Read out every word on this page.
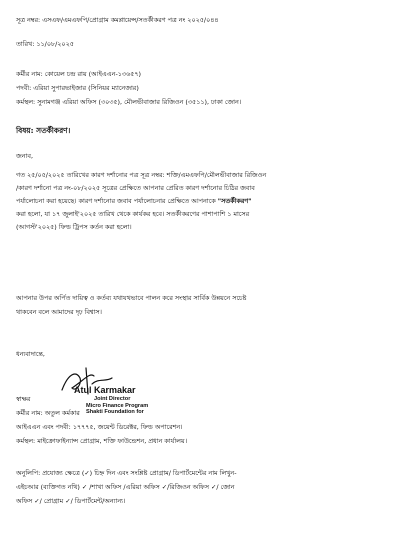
সূত্র নম্বর: এসএফ/এমএফপি/প্রোগ্রাম কমপ্লায়েন্স/সতর্কীকরণ পত্র নং ২০২৫/০৪৪
তারিখ: ১১/০৮/২০২৫
কর্মীর নাম: কোয়েল চন্দ্র রায় (আইএএন-১৩৬৫৭)
পদবী: এরিয়া সুপারভাইজার (সিনিয়র ম্যানেজার)
কর্মস্থল: সুনামগঞ্জ এরিয়া অফিস (৩০৩৫), মৌলভীবাজার রিজিওন (৩৫১১), ঢাকা জোন।
বিষয়: সতর্কীকরণ।
জনাব,
গত ২৫/০৫/২০২৫ তারিখের কারণ দর্শানোর পত্র সূত্র নম্বর: শক্তি/এমএফপি/মৌলভীবাজার রিজিওন
/কারণ দর্শানো পত্র নং-০৮/২০২৫ সূত্রের প্রেক্ষিতে আপনার প্রেরিত কারণ দর্শানোর চিঠির জবাব
পর্যালোচনা করা হয়েছে। কারণ দর্শানোর জবাব পর্যালোচনার প্রেক্ষিতে আপনাকে "সতর্কীকরণ"
করা হলো, যা ১৭ জুলাই'২০২৫ তারিখ থেকে কার্যকর হবে। সতর্কীকরণের পাশাপাশি ১ মাসের
(আগস্ট'২০২৫) ফিল্ড ট্রিপস কর্তন করা হলো।
আপনার উপর অর্পিত দায়িত্ব ও কর্তব্য যথাযথভাবে পালন করে সংস্থার সার্বিক উন্নয়নে সচেষ্ট
থাকবেন বলে আমাদের দৃঢ় বিশ্বাস।
ধন্যবাদান্তে,
Atul Karmakar
Joint Director
Micro Finance Program
Shakti Foundation for
স্বাক্ষর
কর্মীর নাম: অতুল কর্মকার
আইএএন এবং পদবী: ১৭৭৭৫, জয়েন্ট ডিরেক্টর, ফিল্ড অপারেশন।
কর্মস্থল: মাইক্রোফাইন্যান্স প্রোগ্রাম, শক্তি ফাউন্ডেশন, প্রধান কার্যালয়।
অনুলিপি: প্রযোজ্য ক্ষেত্রে (✓) চিহ্ন দিন এবং সংশ্লিষ্ট প্রোগ্রাম/ ডিপার্টমেন্টের নাম লিখুন-
এইচআর (ব্যক্তিগত নথি) ✓ /শাখা অফিস /এরিয়া অফিস ✓/রিজিওন অফিস ✓/ জোন
অফিস ✓/ প্রোগ্রাম ✓/ ডিপার্টমেন্ট/অন্যান্য।
